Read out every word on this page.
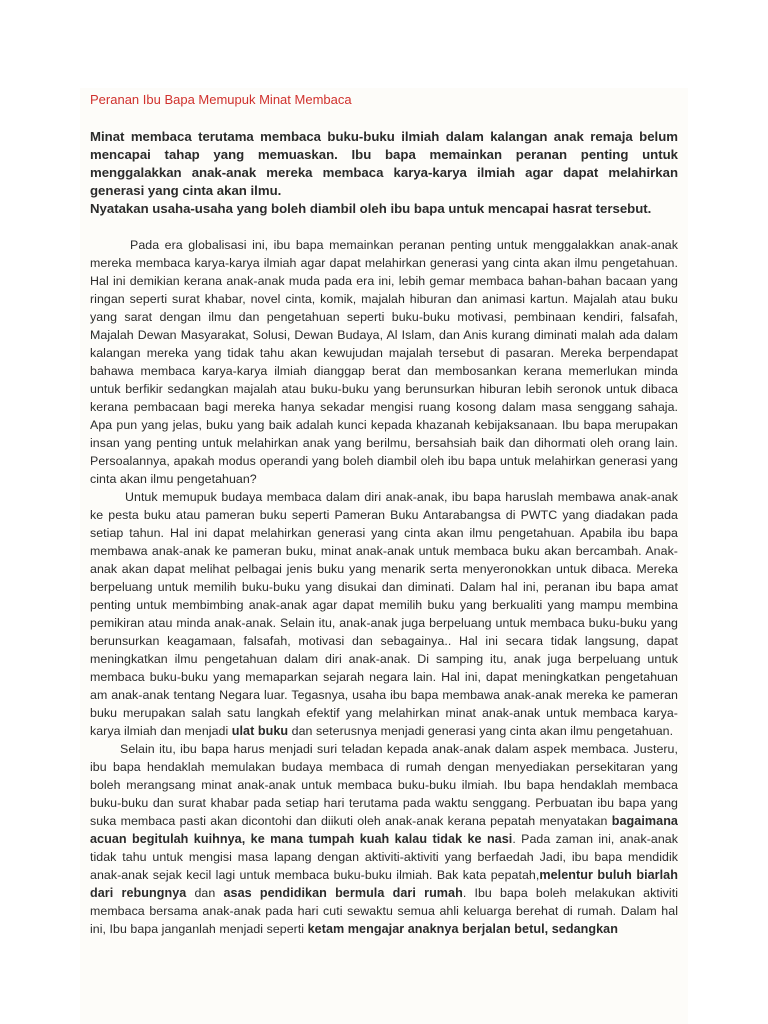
Peranan Ibu Bapa Memupuk Minat Membaca

Minat membaca terutama membaca buku-buku ilmiah dalam kalangan anak remaja belum mencapai tahap yang memuaskan. Ibu bapa memainkan peranan penting untuk menggalakkan anak-anak mereka membaca karya-karya ilmiah agar dapat melahirkan generasi yang cinta akan ilmu.

Nyatakan usaha-usaha yang boleh diambil oleh ibu bapa untuk mencapai hasrat tersebut.

Pada era globalisasi ini, ibu bapa memainkan peranan penting untuk menggalakkan anak-anak mereka membaca karya-karya ilmiah agar dapat melahirkan generasi yang cinta akan ilmu pengetahuan. Hal ini demikian kerana anak-anak muda pada era ini, lebih gemar membaca bahan-bahan bacaan yang ringan seperti surat khabar, novel cinta, komik, majalah hiburan dan animasi kartun. Majalah atau buku yang sarat dengan ilmu dan pengetahuan seperti buku-buku motivasi, pembinaan kendiri, falsafah, Majalah Dewan Masyarakat, Solusi, Dewan Budaya, Al Islam, dan Anis kurang diminati malah ada dalam kalangan mereka yang tidak tahu akan kewujudan majalah tersebut di pasaran. Mereka berpendapat bahawa membaca karya-karya ilmiah dianggap berat dan membosankan kerana memerlukan minda untuk berfikir sedangkan majalah atau buku-buku yang berunsurkan hiburan lebih seronok untuk dibaca kerana pembacaan bagi mereka hanya sekadar mengisi ruang kosong dalam masa senggang sahaja. Apa pun yang jelas, buku yang baik adalah kunci kepada khazanah kebijaksanaan. Ibu bapa merupakan insan yang penting untuk melahirkan anak yang berilmu, bersahsiah baik dan dihormati oleh orang lain. Persoalannya, apakah modus operandi yang boleh diambil oleh ibu bapa untuk melahirkan generasi yang cinta akan ilmu pengetahuan?

Untuk memupuk budaya membaca dalam diri anak-anak, ibu bapa haruslah membawa anak-anak ke pesta buku atau pameran buku seperti Pameran Buku Antarabangsa di PWTC yang diadakan pada setiap tahun. Hal ini dapat melahirkan generasi yang cinta akan ilmu pengetahuan. Apabila ibu bapa membawa anak-anak ke pameran buku, minat anak-anak untuk membaca buku akan bercambah. Anak-anak akan dapat melihat pelbagai jenis buku yang menarik serta menyeronokkan untuk dibaca. Mereka berpeluang untuk memilih buku-buku yang disukai dan diminati. Dalam hal ini, peranan ibu bapa amat penting untuk membimbing anak-anak agar dapat memilih buku yang berkualiti yang mampu membina pemikiran atau minda anak-anak. Selain itu, anak-anak juga berpeluang untuk membaca buku-buku yang berunsurkan keagamaan, falsafah, motivasi dan sebagainya.. Hal ini secara tidak langsung, dapat meningkatkan ilmu pengetahuan dalam diri anak-anak. Di samping itu, anak juga berpeluang untuk membaca buku-buku yang memaparkan sejarah negara lain. Hal ini, dapat meningkatkan pengetahuan am anak-anak tentang Negara luar. Tegasnya, usaha ibu bapa membawa anak-anak mereka ke pameran buku merupakan salah satu langkah efektif yang melahirkan minat anak-anak untuk membaca karya-karya ilmiah dan menjadi ulat buku dan seterusnya menjadi generasi yang cinta akan ilmu pengetahuan.

Selain itu, ibu bapa harus menjadi suri teladan kepada anak-anak dalam aspek membaca. Justeru, ibu bapa hendaklah memulakan budaya membaca di rumah dengan menyediakan persekitaran yang boleh merangsang minat anak-anak untuk membaca buku-buku ilmiah. Ibu bapa hendaklah membaca buku-buku dan surat khabar pada setiap hari terutama pada waktu senggang. Perbuatan ibu bapa yang suka membaca pasti akan dicontohi dan diikuti oleh anak-anak kerana pepatah menyatakan bagaimana acuan begitulah kuihnya, ke mana tumpah kuah kalau tidak ke nasi. Pada zaman ini, anak-anak tidak tahu untuk mengisi masa lapang dengan aktiviti-aktiviti yang berfaedah Jadi, ibu bapa mendidik anak-anak sejak kecil lagi untuk membaca buku-buku ilmiah. Bak kata pepatah,melentur buluh biarlah dari rebungnya dan asas pendidikan bermula dari rumah. Ibu bapa boleh melakukan aktiviti membaca bersama anak-anak pada hari cuti sewaktu semua ahli keluarga berehat di rumah. Dalam hal ini, Ibu bapa janganlah menjadi seperti ketam mengajar anaknya berjalan betul, sedangkan
